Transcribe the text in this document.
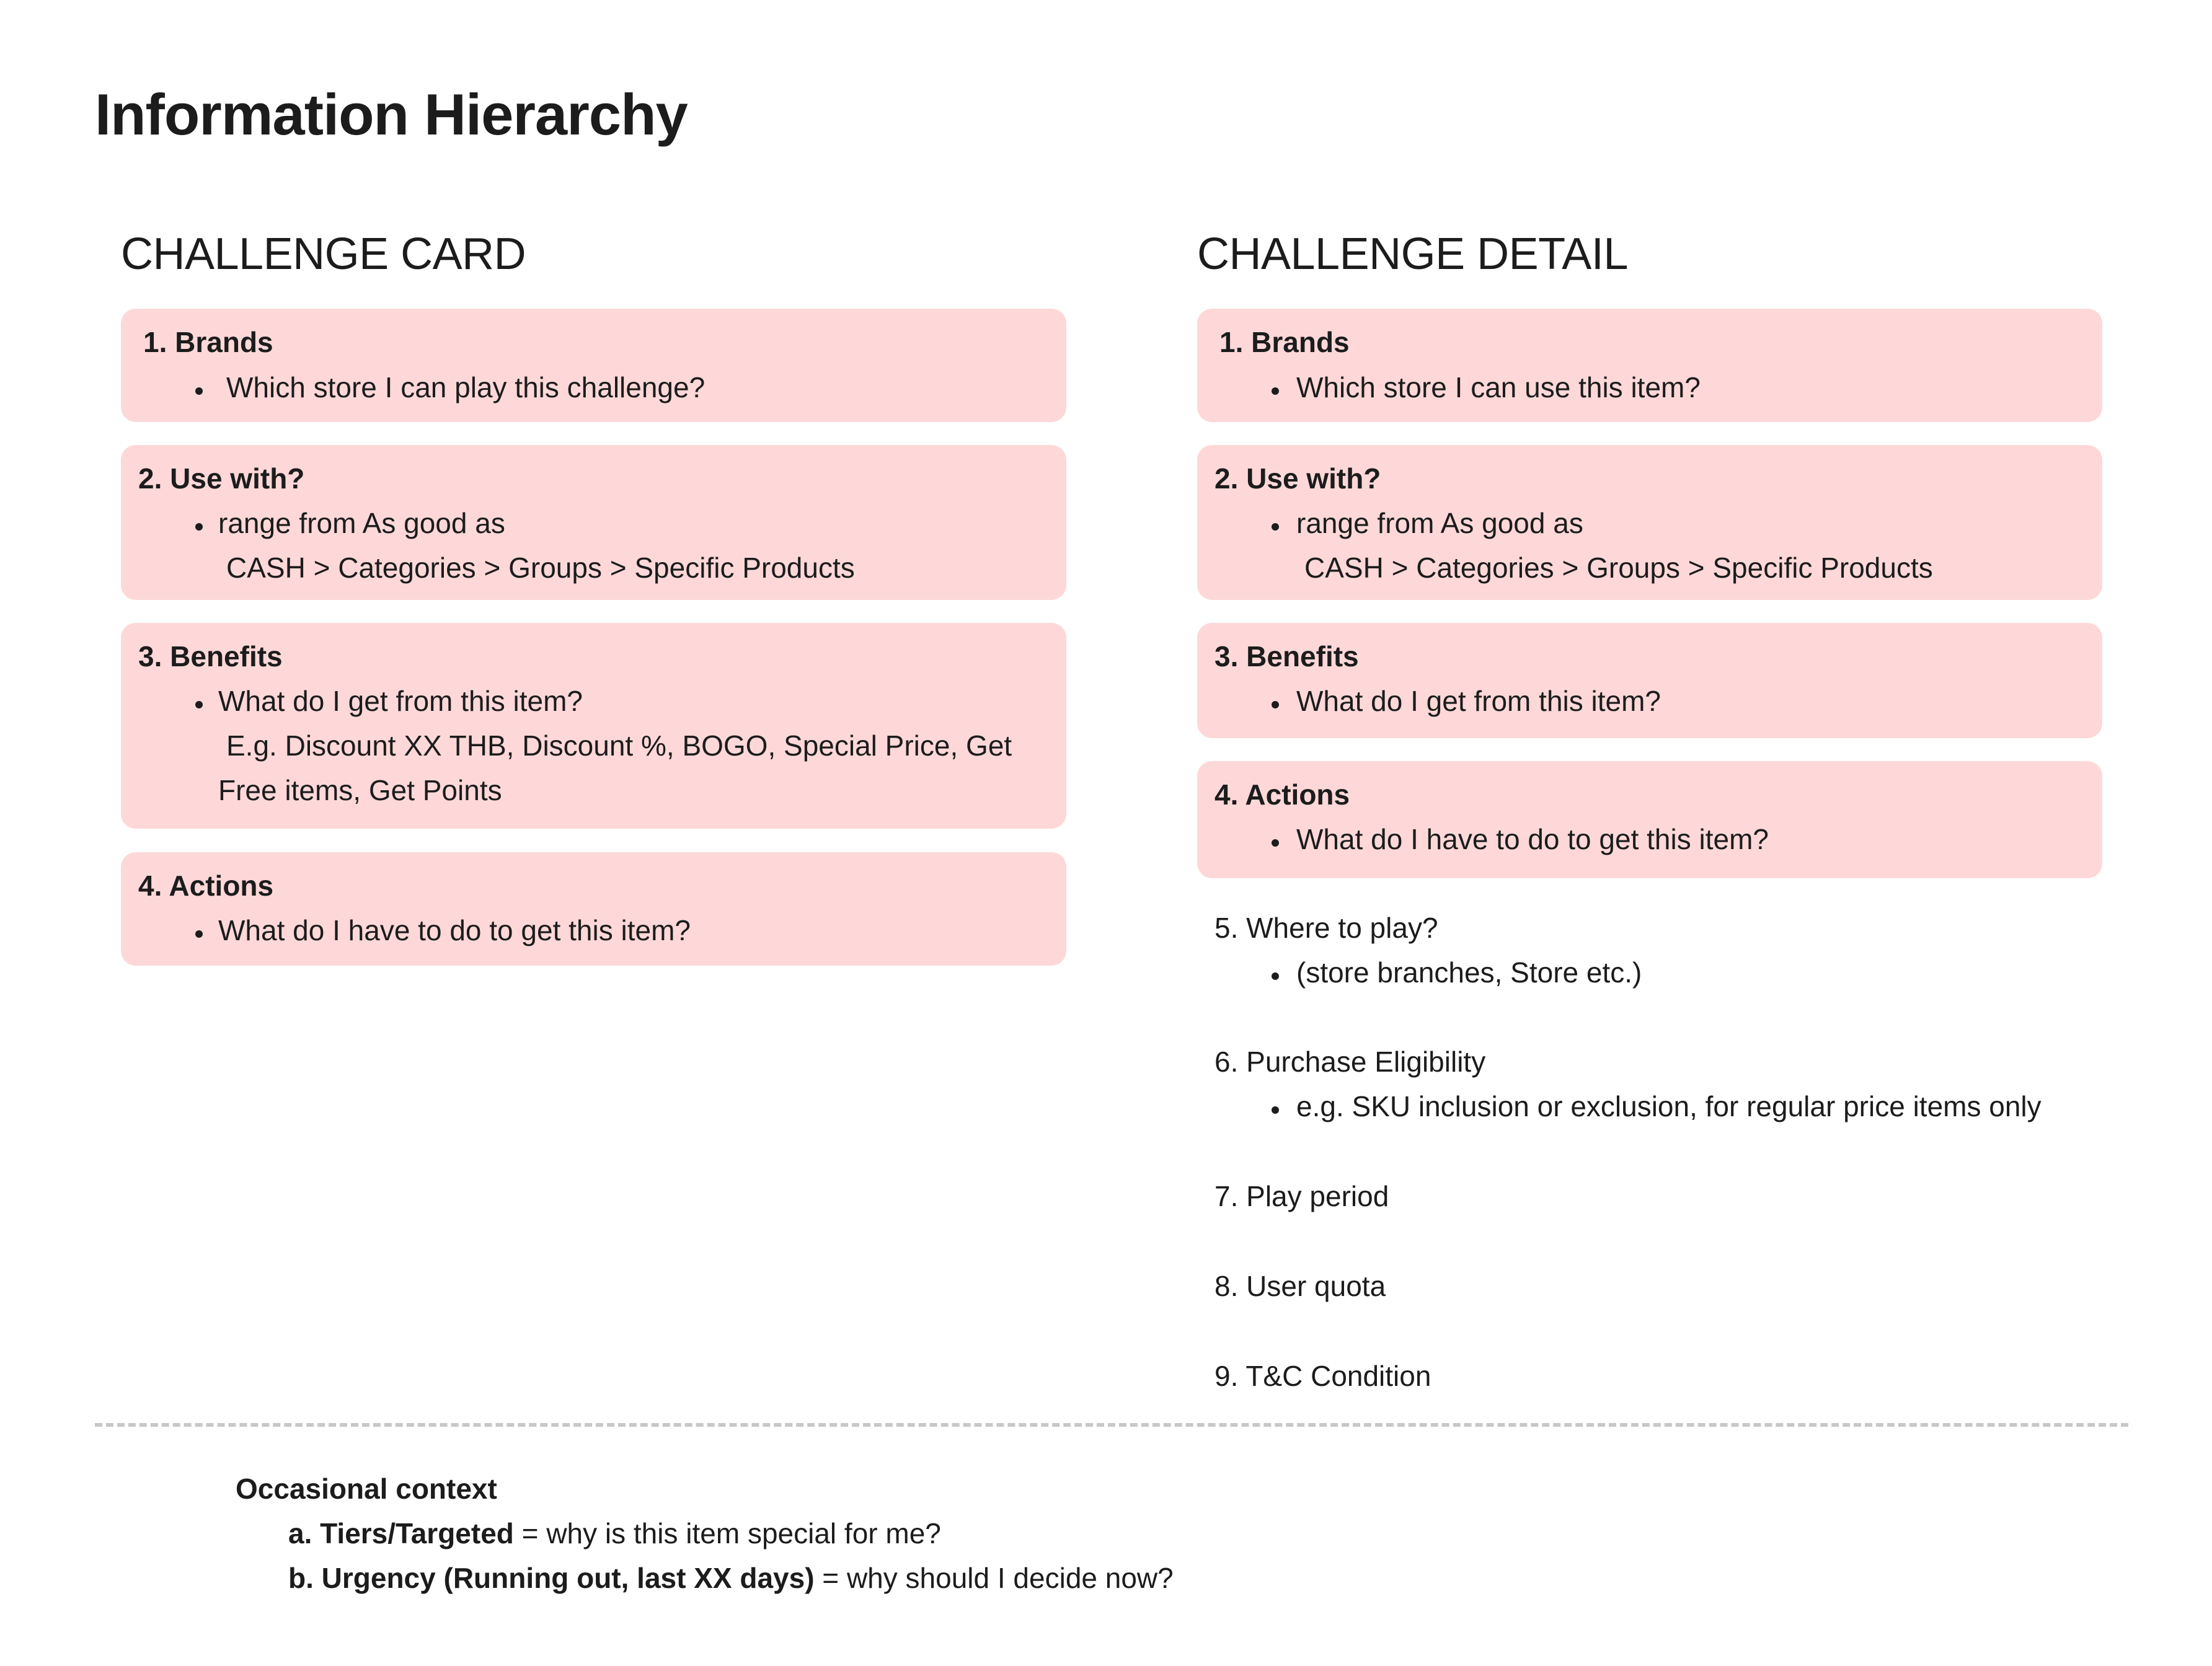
Information Hierarchy
CHALLENGE CARD
1. Brands
Which store I can play this challenge?
2. Use with?
range from As good as
CASH > Categories > Groups > Specific Products
3. Benefits
What do I get from this item?
E.g. Discount XX THB, Discount %, BOGO, Special Price, Get
Free items, Get Points
4. Actions
What do I have to do to get this item?
CHALLENGE DETAIL
1. Brands
Which store I can use this item?
2. Use with?
range from As good as
CASH > Categories > Groups > Specific Products
3. Benefits
What do I get from this item?
4. Actions
What do I have to do to get this item?
5. Where to play?
(store branches, Store etc.)
6. Purchase Eligibility
e.g. SKU inclusion or exclusion, for regular price items only
7. Play period
8. User quota
9. T&C Condition
Occasional context
a. Tiers/Targeted = why is this item special for me?
b. Urgency (Running out, last XX days) = why should I decide now?
